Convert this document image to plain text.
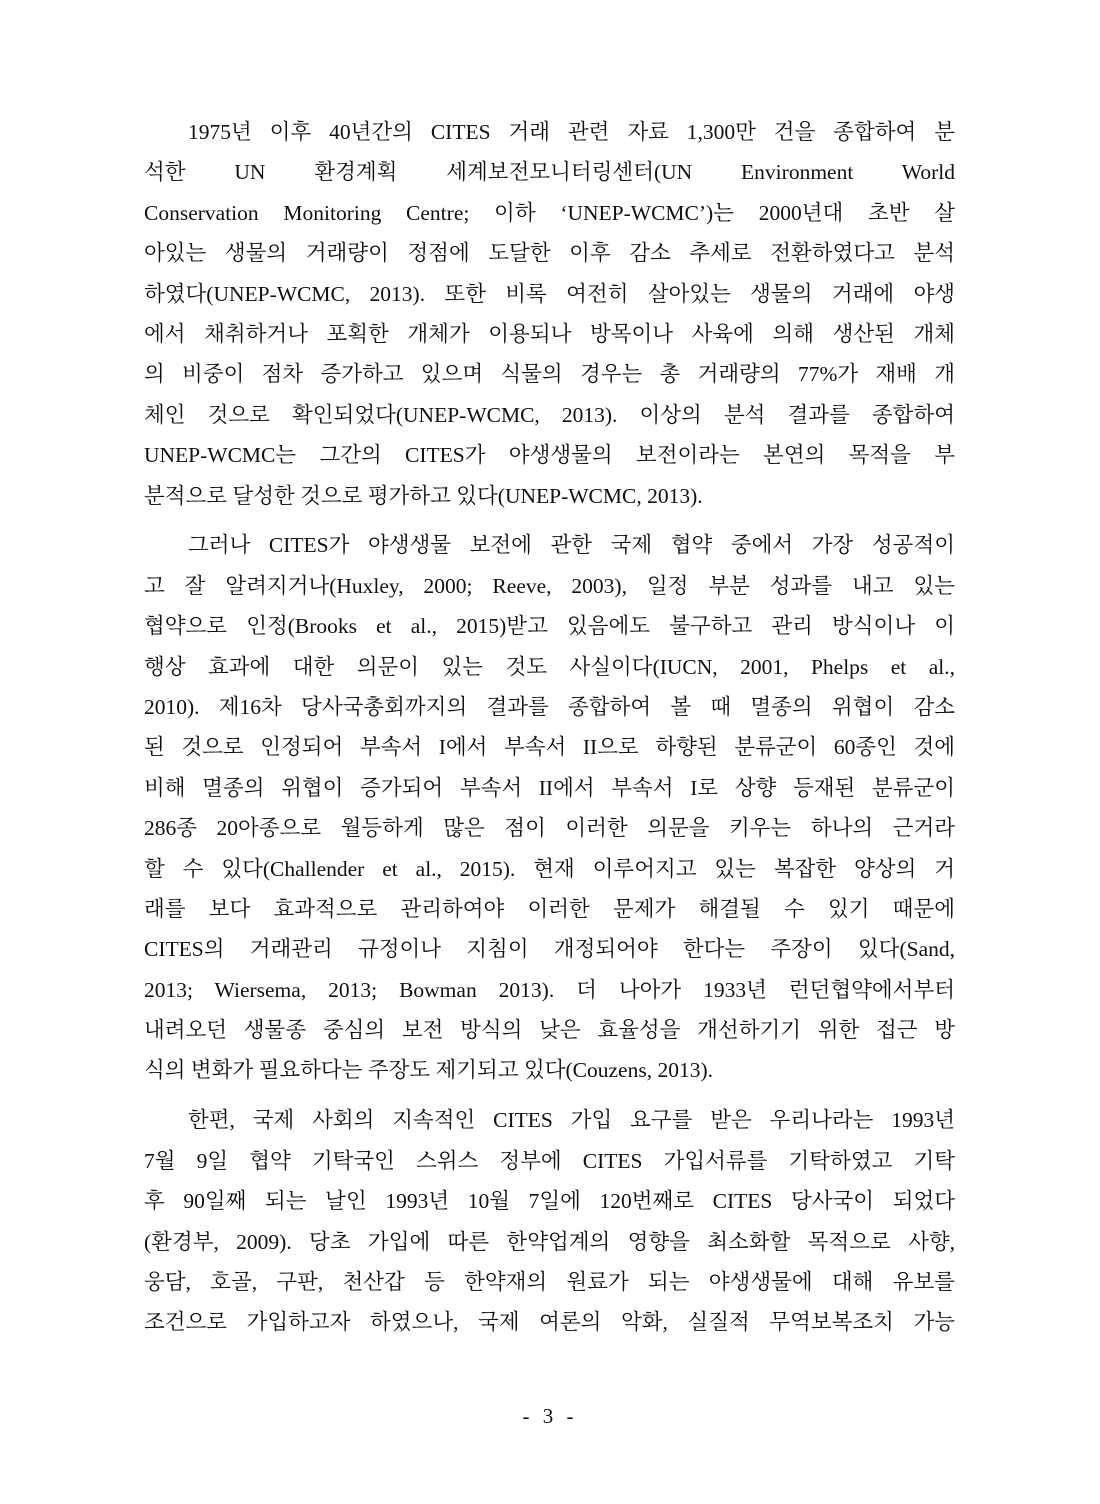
1975년 이후 40년간의 CITES 거래 관련 자료 1,300만 건을 종합하여 분
석한 UN 환경계획 세계보전모니터링센터(UN Environment World
Conservation Monitoring Centre; 이하 ‘UNEP-WCMC’)는 2000년대 초반 살
아있는 생물의 거래량이 정점에 도달한 이후 감소 추세로 전환하였다고 분석
하였다(UNEP-WCMC, 2013). 또한 비록 여전히 살아있는 생물의 거래에 야생
에서 채취하거나 포획한 개체가 이용되나 방목이나 사육에 의해 생산된 개체
의 비중이 점차 증가하고 있으며 식물의 경우는 총 거래량의 77%가 재배 개
체인 것으로 확인되었다(UNEP-WCMC, 2013). 이상의 분석 결과를 종합하여
UNEP-WCMC는 그간의 CITES가 야생생물의 보전이라는 본연의 목적을 부
분적으로 달성한 것으로 평가하고 있다(UNEP-WCMC, 2013).
그러나 CITES가 야생생물 보전에 관한 국제 협약 중에서 가장 성공적이
고 잘 알려지거나(Huxley, 2000; Reeve, 2003), 일정 부분 성과를 내고 있는
협약으로 인정(Brooks et al., 2015)받고 있음에도 불구하고 관리 방식이나 이
행상 효과에 대한 의문이 있는 것도 사실이다(IUCN, 2001, Phelps et al.,
2010). 제16차 당사국총회까지의 결과를 종합하여 볼 때 멸종의 위협이 감소
된 것으로 인정되어 부속서 I에서 부속서 II으로 하향된 분류군이 60종인 것에
비해 멸종의 위협이 증가되어 부속서 II에서 부속서 I로 상향 등재된 분류군이
286종 20아종으로 월등하게 많은 점이 이러한 의문을 키우는 하나의 근거라
할 수 있다(Challender et al., 2015). 현재 이루어지고 있는 복잡한 양상의 거
래를 보다 효과적으로 관리하여야 이러한 문제가 해결될 수 있기 때문에
CITES의 거래관리 규정이나 지침이 개정되어야 한다는 주장이 있다(Sand,
2013; Wiersema, 2013; Bowman 2013). 더 나아가 1933년 런던협약에서부터
내려오던 생물종 중심의 보전 방식의 낮은 효율성을 개선하기기 위한 접근 방
식의 변화가 필요하다는 주장도 제기되고 있다(Couzens, 2013).
한편, 국제 사회의 지속적인 CITES 가입 요구를 받은 우리나라는 1993년
7월 9일 협약 기탁국인 스위스 정부에 CITES 가입서류를 기탁하였고 기탁
후 90일째 되는 날인 1993년 10월 7일에 120번째로 CITES 당사국이 되었다
(환경부, 2009). 당초 가입에 따른 한약업계의 영향을 최소화할 목적으로 사향,
웅담, 호골, 구판, 천산갑 등 한약재의 원료가 되는 야생생물에 대해 유보를
조건으로 가입하고자 하였으나, 국제 여론의 악화, 실질적 무역보복조치 가능
- 3 -
